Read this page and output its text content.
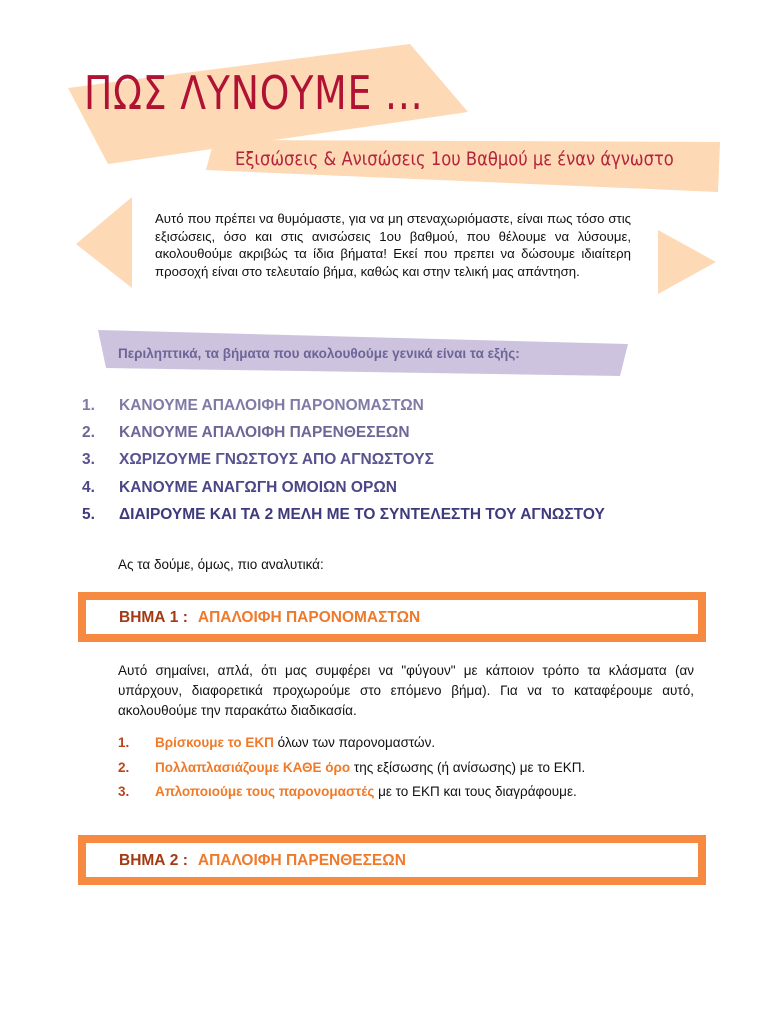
ΠΩΣ ΛΥΝΟΥΜΕ ...
Εξισώσεις & Ανισώσεις 1ου Βαθμού με έναν άγνωστο
Αυτό που πρέπει να θυμόμαστε, για να μη στεναχωριόμαστε, είναι πως τόσο στις εξισώσεις, όσο και στις ανισώσεις 1ου βαθμού, που θέλουμε να λύσουμε, ακολουθούμε ακριβώς τα ίδια βήματα! Εκεί που πρεπει να δώσουμε ιδιαίτερη προσοχή είναι στο τελευταίο βήμα, καθώς και στην τελική μας απάντηση.
Περιληπτικά, τα βήματα που ακολουθούμε γενικά είναι τα εξής:
1. ΚΑΝΟΥΜΕ ΑΠΑΛΟΙΦΗ ΠΑΡΟΝΟΜΑΣΤΩΝ
2. ΚΑΝΟΥΜΕ ΑΠΑΛΟΙΦΗ ΠΑΡΕΝΘΕΣΕΩΝ
3. ΧΩΡΙΖΟΥΜΕ ΓΝΩΣΤΟΥΣ ΑΠΟ ΑΓΝΩΣΤΟΥΣ
4. ΚΑΝΟΥΜΕ ΑΝΑΓΩΓΗ ΟΜΟΙΩΝ ΟΡΩΝ
5. ΔΙΑΙΡΟΥΜΕ ΚΑΙ ΤΑ 2 ΜΕΛΗ ΜΕ ΤΟ ΣΥΝΤΕΛΕΣΤΗ ΤΟΥ ΑΓΝΩΣΤΟΥ
Ας τα δούμε, όμως, πιο αναλυτικά:
ΒΗΜΑ 1 : ΑΠΑΛΟΙΦΗ ΠΑΡΟΝΟΜΑΣΤΩΝ
Αυτό σημαίνει, απλά, ότι μας συμφέρει να "φύγουν" με κάποιον τρόπο τα κλάσματα (αν υπάρχουν, διαφορετικά προχωρούμε στο επόμενο βήμα). Για να το καταφέρουμε αυτό, ακολουθούμε την παρακάτω διαδικασία.
1. Βρίσκουμε το ΕΚΠ όλων των παρονομαστών.
2. Πολλαπλασιάζουμε ΚΑΘΕ όρο της εξίσωσης (ή ανίσωσης) με το ΕΚΠ.
3. Απλοποιούμε τους παρονομαστές με το ΕΚΠ και τους διαγράφουμε.
ΒΗΜΑ 2 : ΑΠΑΛΟΙΦΗ ΠΑΡΕΝΘΕΣΕΩΝ
